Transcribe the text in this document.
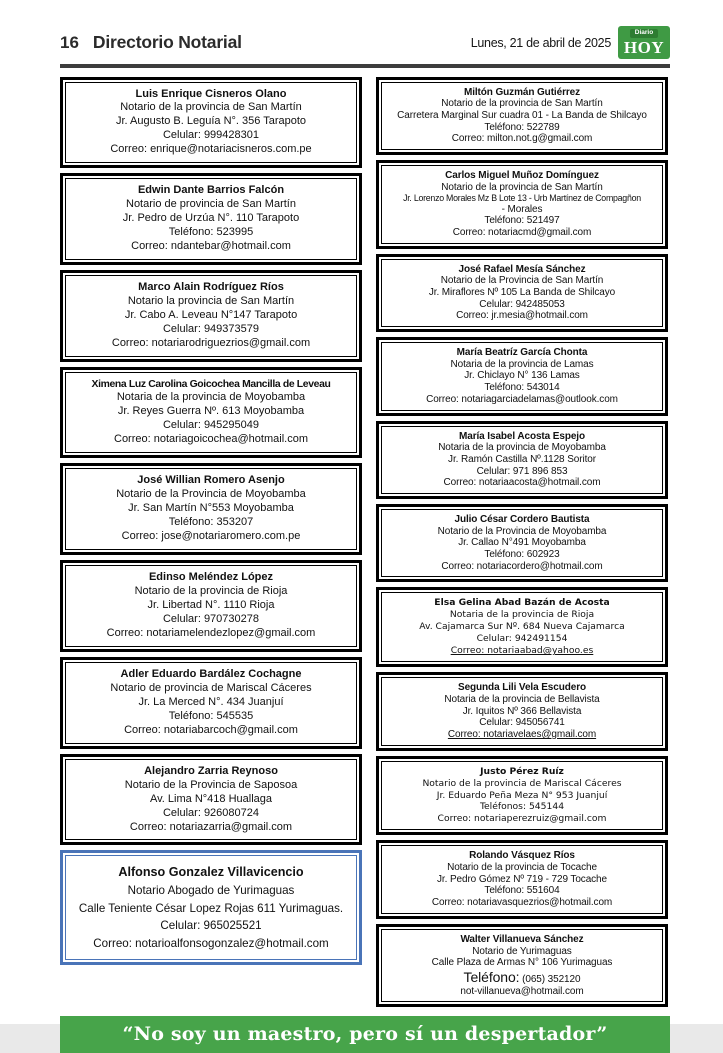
16 Directorio Notarial	Lunes, 21 de abril de 2025
Diario
HOY
Luis Enrique Cisneros Olano
Notario de la provincia de San Martín
Jr. Augusto B. Leguía N°. 356 Tarapoto
Celular: 999428301
Correo: enrique@notariacisneros.com.pe
Edwin Dante Barrios Falcón
Notario de provincia de San Martín
Jr. Pedro de Urzúa N°. 110 Tarapoto
Teléfono: 523995
Correo: ndantebar@hotmail.com
Marco Alain Rodríguez Ríos
Notario la provincia de San Martín
Jr. Cabo A. Leveau N°147 Tarapoto
Celular: 949373579
Correo: notariarodriguezrios@gmail.com
Ximena Luz Carolina Goicochea Mancilla de Leveau
Notaria de la provincia de Moyobamba
Jr. Reyes Guerra Nº. 613 Moyobamba
Celular: 945295049
Correo: notariagoicochea@hotmail.com
José Willian Romero Asenjo
Notario de la Provincia de Moyobamba
Jr. San Martín N°553 Moyobamba
Teléfono: 353207
Correo: jose@notariaromero.com.pe
Edinso Meléndez López
Notario de la provincia de Rioja
Jr. Libertad N°. 1110 Rioja
Celular: 970730278
Correo: notariamelendezlopez@gmail.com
Adler Eduardo Bardález Cochagne
Notario de provincia de Mariscal Cáceres
Jr. La Merced N°. 434 Juanjuí
Teléfono: 545535
Correo: notariabarcoch@gmail.com
Alejandro Zarria Reynoso
Notario de la Provincia de Saposoa
Av. Lima N°418 Huallaga
Celular: 926080724
Correo: notariazarria@gmail.com
Alfonso Gonzalez Villavicencio
Notario Abogado de Yurimaguas
Calle Teniente César Lopez Rojas 611 Yurimaguas.
Celular: 965025521
Correo: notarioalfonsogonzalez@hotmail.com
Miltón Guzmán Gutiérrez
Notario de la provincia de San Martín
Carretera Marginal Sur cuadra 01 - La Banda de Shilcayo
Teléfono: 522789
Correo: milton.not.g@gmail.com
Carlos Miguel Muñoz Domínguez
Notario de la provincia de San Martín
Jr. Lorenzo Morales Mz B Lote 13 - Urb Martínez de Compagñon
- Morales
Teléfono: 521497
Correo: notariacmd@gmail.com
José Rafael Mesía Sánchez
Notario de la Provincia de San Martín
Jr. Miraflores Nº 105 La Banda de Shilcayo
Celular: 942485053
Correo: jr.mesia@hotmail.com
María Beatríz García Chonta
Notaria de la provincia de Lamas
Jr. Chiclayo N° 136 Lamas
Teléfono: 543014
Correo: notariagarciadelamas@outlook.com
María Isabel Acosta Espejo
Notaria de la provincia de Moyobamba
Jr. Ramón Castilla Nº.1128 Soritor
Celular: 971 896 853
Correo: notariaacosta@hotmail.com
Julio César Cordero Bautista
Notario de la Provincia de Moyobamba
Jr. Callao N°491 Moyobamba
Teléfono: 602923
Correo: notariacordero@hotmail.com
Elsa Gelina Abad Bazán de Acosta
Notaria de la provincia de Rioja
Av. Cajamarca Sur Nº. 684 Nueva Cajamarca
Celular: 942491154
Correo: notariaabad@yahoo.es
Segunda Lili Vela Escudero
Notaria de la provincia de Bellavista
Jr. Iquitos Nº 366 Bellavista
Celular: 945056741
Correo: notariavelaes@gmail.com
Justo Pérez Ruíz
Notario de la provincia de Mariscal Cáceres
Jr. Eduardo Peña Meza N° 953 Juanjuí
Teléfonos: 545144
Correo: notariaperezruiz@gmail.com
Rolando Vásquez Ríos
Notario de la provincia de Tocache
Jr. Pedro Gómez Nº 719 - 729 Tocache
Teléfono: 551604
Correo: notariavasquezrios@hotmail.com
Walter Villanueva Sánchez
Notario de Yurimaguas
Calle Plaza de Armas N° 106 Yurimaguas
Teléfono: (065) 352120
not-villanueva@hotmail.com
“No soy un maestro, pero sí un despertador”
